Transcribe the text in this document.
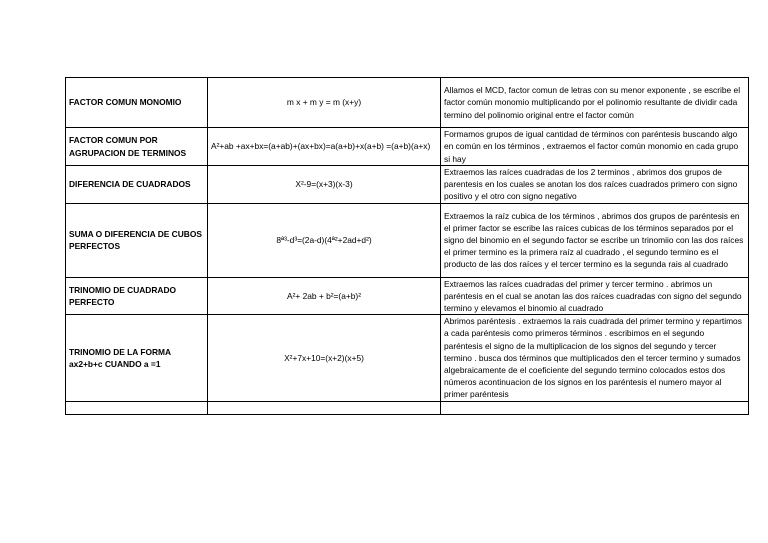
FACTOR COMUN MONOMIO	m x + m y = m (x+y)	Allamos el MCD, factor comun de letras con su menor exponente , se escribe el factor común monomio multiplicando por el polinomio resultante de dividir cada termino del polinomio original entre el factor común
FACTOR COMUN POR AGRUPACION DE TERMINOS	A²+ab +ax+bx=(a+ab)+(ax+bx)=a(a+b)+x(a+b) =(a+b)(a+x)	Formamos grupos de igual cantidad de términos con paréntesis buscando algo en común en los términos , extraemos el factor común monomio en cada grupo si hay
DIFERENCIA DE CUADRADOS	X²-9=(x+3)(x-3)	Extraemos las raíces cuadradas de los 2 terminos , abrimos dos grupos de parentesis en los cuales se anotan los dos raíces cuadrados primero con signo positivo y el otro con signo negativo
SUMA O DIFERENCIA DE CUBOS PERFECTOS	8ª³-d³=(2a-d)(4ª²+2ad+d²)	Extraemos la raíz cubica de los términos , abrimos dos grupos de paréntesis en el primer factor se escribe las raíces cubicas de los términos separados por el signo del binomio en el segundo factor se escribe un trinomiio con las dos raíces el primer termino es la primera raíz al cuadrado , el segundo termino es el producto de las dos raíces y el tercer termino es la segunda rais al cuadrado
TRINOMIO DE CUADRADO PERFECTO	A²+ 2ab + b²=(a+b)²	Extraemos las raíces cuadradas del primer y tercer termino . abrimos un paréntesis en el cual se anotan las dos raíces cuadradas con signo del segundo termino y elevamos el binomio al cuadrado
TRINOMIO DE LA FORMA ax2+b+c CUANDO a =1	X²+7x+10=(x+2)(x+5)	Abrimos paréntesis . extraemos la rais cuadrada del primer termino y repartimos a cada paréntesis como primeros términos . escribimos en el segundo paréntesis el signo de la multiplicacion de los signos del segundo y tercer termino . busca dos términos que multiplicados den el tercer termino y sumados algebraicamente de el coeficiente del segundo termino colocados estos dos números acontinuacion de los signos en los paréntesis el numero mayor al primer paréntesis
